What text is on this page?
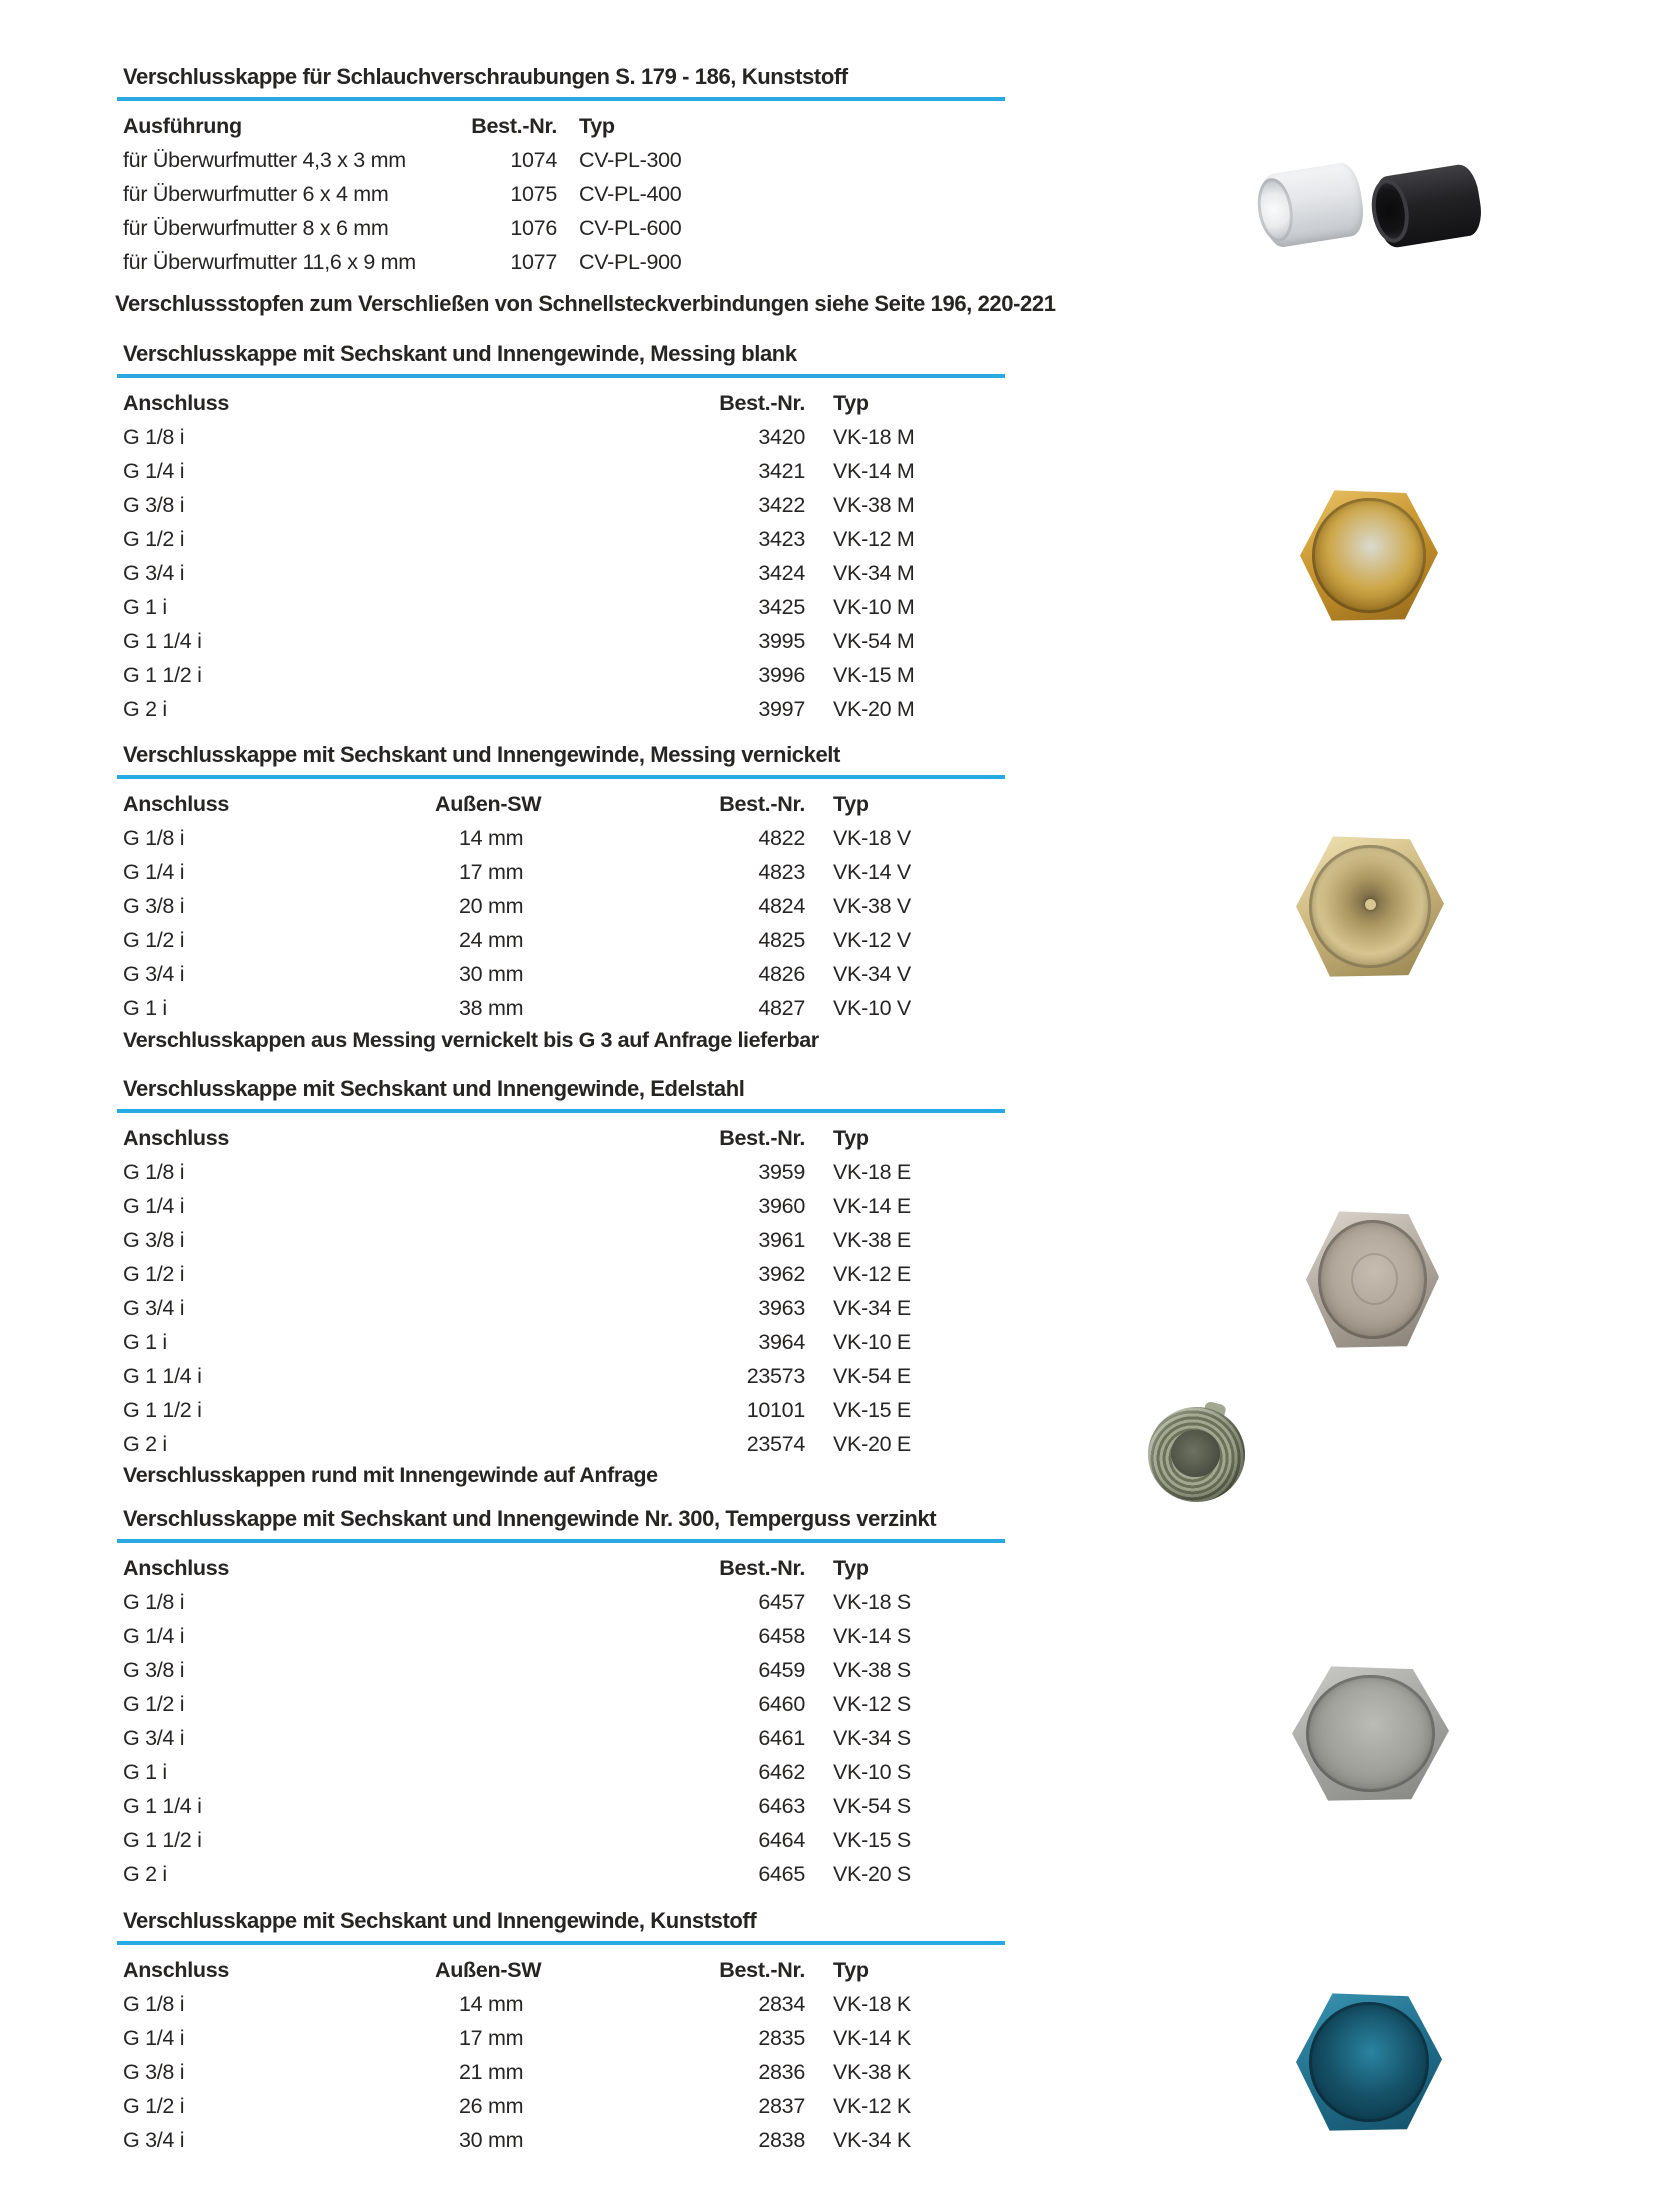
Verschlusskappe für Schlauchverschraubungen S. 179 - 186, Kunststoff
Ausführung	Best.-Nr.	Typ
für Überwurfmutter 4,3 x 3 mm	1074	CV-PL-300
für Überwurfmutter 6 x 4 mm	1075	CV-PL-400
für Überwurfmutter 8 x 6 mm	1076	CV-PL-600
für Überwurfmutter 11,6 x 9 mm	1077	CV-PL-900
Verschlussstopfen zum Verschließen von Schnellsteckverbindungen siehe Seite 196, 220-221
Verschlusskappe mit Sechskant und Innengewinde, Messing blank
Anschluss	Best.-Nr.	Typ
G 1/8 i	3420	VK-18 M
G 1/4 i	3421	VK-14 M
G 3/8 i	3422	VK-38 M
G 1/2 i	3423	VK-12 M
G 3/4 i	3424	VK-34 M
G 1 i	3425	VK-10 M
G 1 1/4 i	3995	VK-54 M
G 1 1/2 i	3996	VK-15 M
G 2 i	3997	VK-20 M
Verschlusskappe mit Sechskant und Innengewinde, Messing vernickelt
Anschluss	Außen-SW	Best.-Nr.	Typ
G 1/8 i	14 mm	4822	VK-18 V
G 1/4 i	17 mm	4823	VK-14 V
G 3/8 i	20 mm	4824	VK-38 V
G 1/2 i	24 mm	4825	VK-12 V
G 3/4 i	30 mm	4826	VK-34 V
G 1 i	38 mm	4827	VK-10 V
Verschlusskappen aus Messing vernickelt bis G 3 auf Anfrage lieferbar
Verschlusskappe mit Sechskant und Innengewinde, Edelstahl
Anschluss	Best.-Nr.	Typ
G 1/8 i	3959	VK-18 E
G 1/4 i	3960	VK-14 E
G 3/8 i	3961	VK-38 E
G 1/2 i	3962	VK-12 E
G 3/4 i	3963	VK-34 E
G 1 i	3964	VK-10 E
G 1 1/4 i	23573	VK-54 E
G 1 1/2 i	10101	VK-15 E
G 2 i	23574	VK-20 E
Verschlusskappen rund mit Innengewinde auf Anfrage
Verschlusskappe mit Sechskant und Innengewinde Nr. 300, Temperguss verzinkt
Anschluss	Best.-Nr.	Typ
G 1/8 i	6457	VK-18 S
G 1/4 i	6458	VK-14 S
G 3/8 i	6459	VK-38 S
G 1/2 i	6460	VK-12 S
G 3/4 i	6461	VK-34 S
G 1 i	6462	VK-10 S
G 1 1/4 i	6463	VK-54 S
G 1 1/2 i	6464	VK-15 S
G 2 i	6465	VK-20 S
Verschlusskappe mit Sechskant und Innengewinde, Kunststoff
Anschluss	Außen-SW	Best.-Nr.	Typ
G 1/8 i	14 mm	2834	VK-18 K
G 1/4 i	17 mm	2835	VK-14 K
G 3/8 i	21 mm	2836	VK-38 K
G 1/2 i	26 mm	2837	VK-12 K
G 3/4 i	30 mm	2838	VK-34 K
